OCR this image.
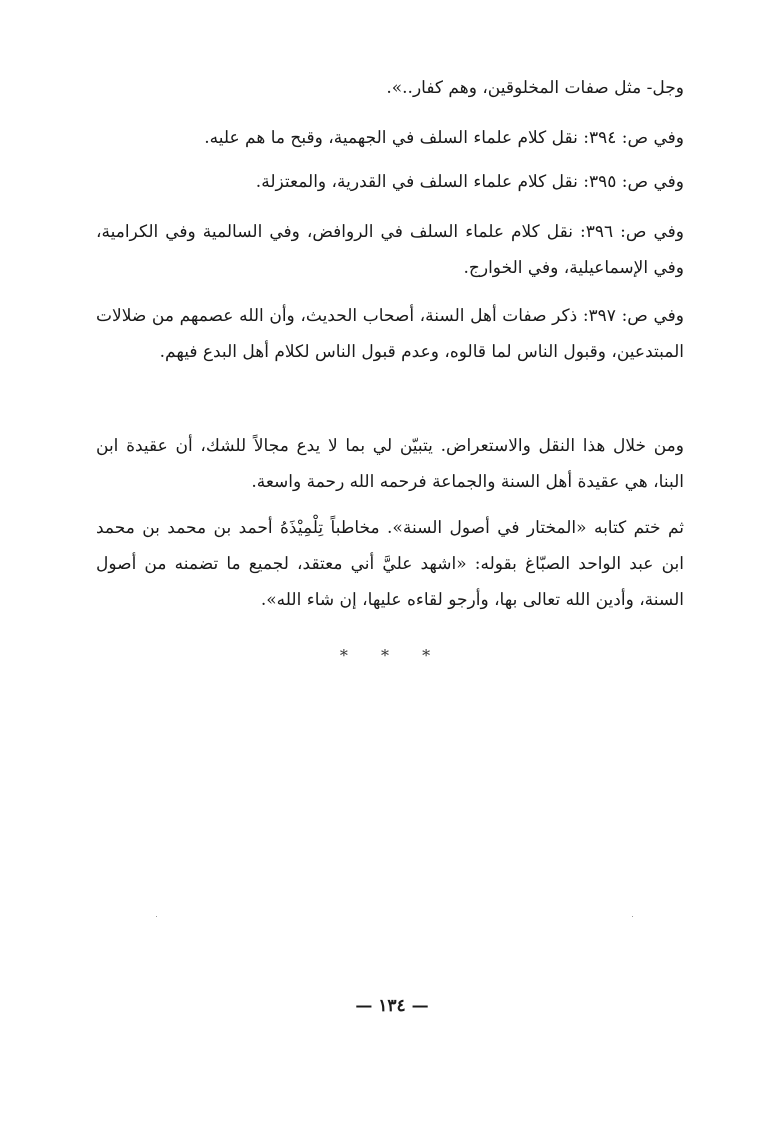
وجل- مثل صفات المخلوقين، وهم كفار..».

وفي ص: ٣٩٤: نقل كلام علماء السلف في الجهمية، وقبح ما هم عليه.

وفي ص: ٣٩٥: نقل كلام علماء السلف في القدرية، والمعتزلة.

وفي ص: ٣٩٦: نقل كلام علماء السلف في الروافض، وفي السالمية وفي الكرامية، وفي الإسماعيلية، وفي الخوارج.

وفي ص: ٣٩٧: ذكر صفات أهل السنة، أصحاب الحديث، وأن الله عصمهم من ضلالات المبتدعين، وقبول الناس لما قالوه، وعدم قبول الناس لكلام أهل البدع فيهم.

ومن خلال هذا النقل والاستعراض. يتبيّن لي بما لا يدع مجالاً للشك، أن عقيدة ابن البنا، هي عقيدة أهل السنة والجماعة فرحمه الله رحمة واسعة.

ثم ختم كتابه «المختار في أصول السنة». مخاطباً تِلْمِيْذَهُ أحمد بن محمد بن محمد ابن عبد الواحد الصبّاغ بقوله: «اشهد عليَّ أني معتقد، لجميع ما تضمنه من أصول السنة، وأدين الله تعالى بها، وأرجو لقاءه عليها، إن شاء الله».

* * *
— ١٣٤ —
